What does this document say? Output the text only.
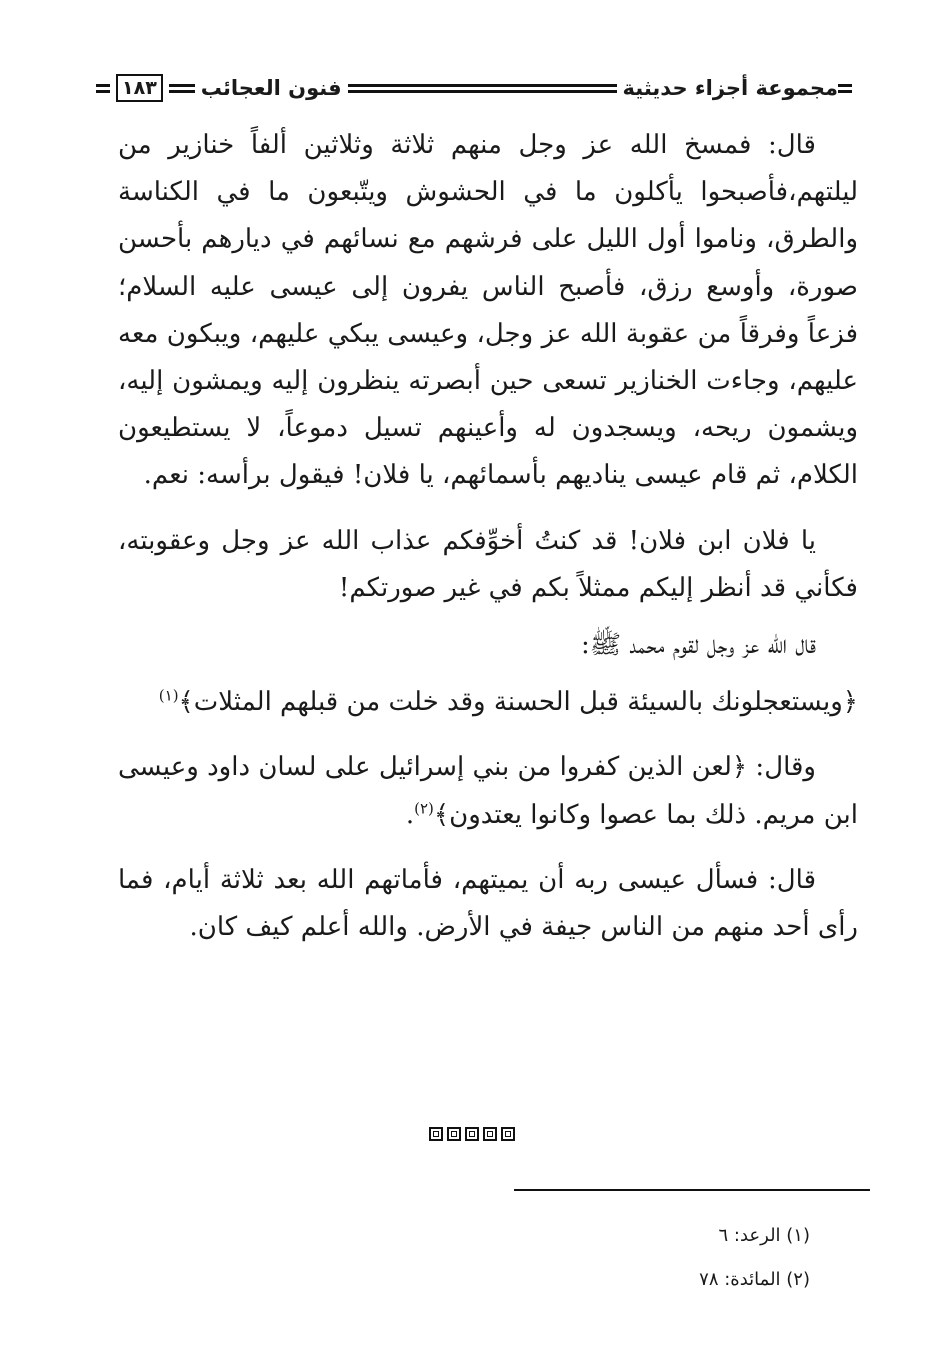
مجموعة أجزاء حديثية
فنون العجائب
١٨٣

قال: فمسخ الله عز وجل منهم ثلاثة وثلاثين ألفاً خنازير من ليلتهم،فأصبحوا يأكلون ما في الحشوش ويتّبعون ما في الكناسة والطرق، وناموا أول الليل على فرشهم مع نسائهم في ديارهم بأحسن صورة، وأوسع رزق، فأصبح الناس يفرون إلى عيسى عليه السلام؛ فزعاً وفرقاً من عقوبة الله عز وجل، وعيسى يبكي عليهم، ويبكون معه عليهم، وجاءت الخنازير تسعى حين أبصرته ينظرون إليه ويمشون إليه، ويشمون ريحه، ويسجدون له وأعينهم تسيل دموعاً، لا يستطيعون الكلام، ثم قام عيسى يناديهم بأسمائهم، يا فلان! فيقول برأسه: نعم.

يا فلان ابن فلان! قد كنتُ أخوِّفكم عذاب الله عز وجل وعقوبته، فكأني قد أنظر إليكم ممثلاً بكم في غير صورتكم!

قال الله عز وجل لقوم محمد ﷺ:

﴿ويستعجلونك بالسيئة قبل الحسنة وقد خلت من قبلهم المثلات﴾$^{(١)}$

وقال: ﴿لعن الذين كفروا من بني إسرائيل على لسان داود وعيسى ابن مريم. ذلك بما عصوا وكانوا يعتدون﴾$^{(٢)}$.

قال: فسأل عيسى ربه أن يميتهم، فأماتهم الله بعد ثلاثة أيام، فما رأى أحد منهم من الناس جيفة في الأرض. والله أعلم كيف كان.

(١) الرعد: ٦
(٢) المائدة: ٧٨
